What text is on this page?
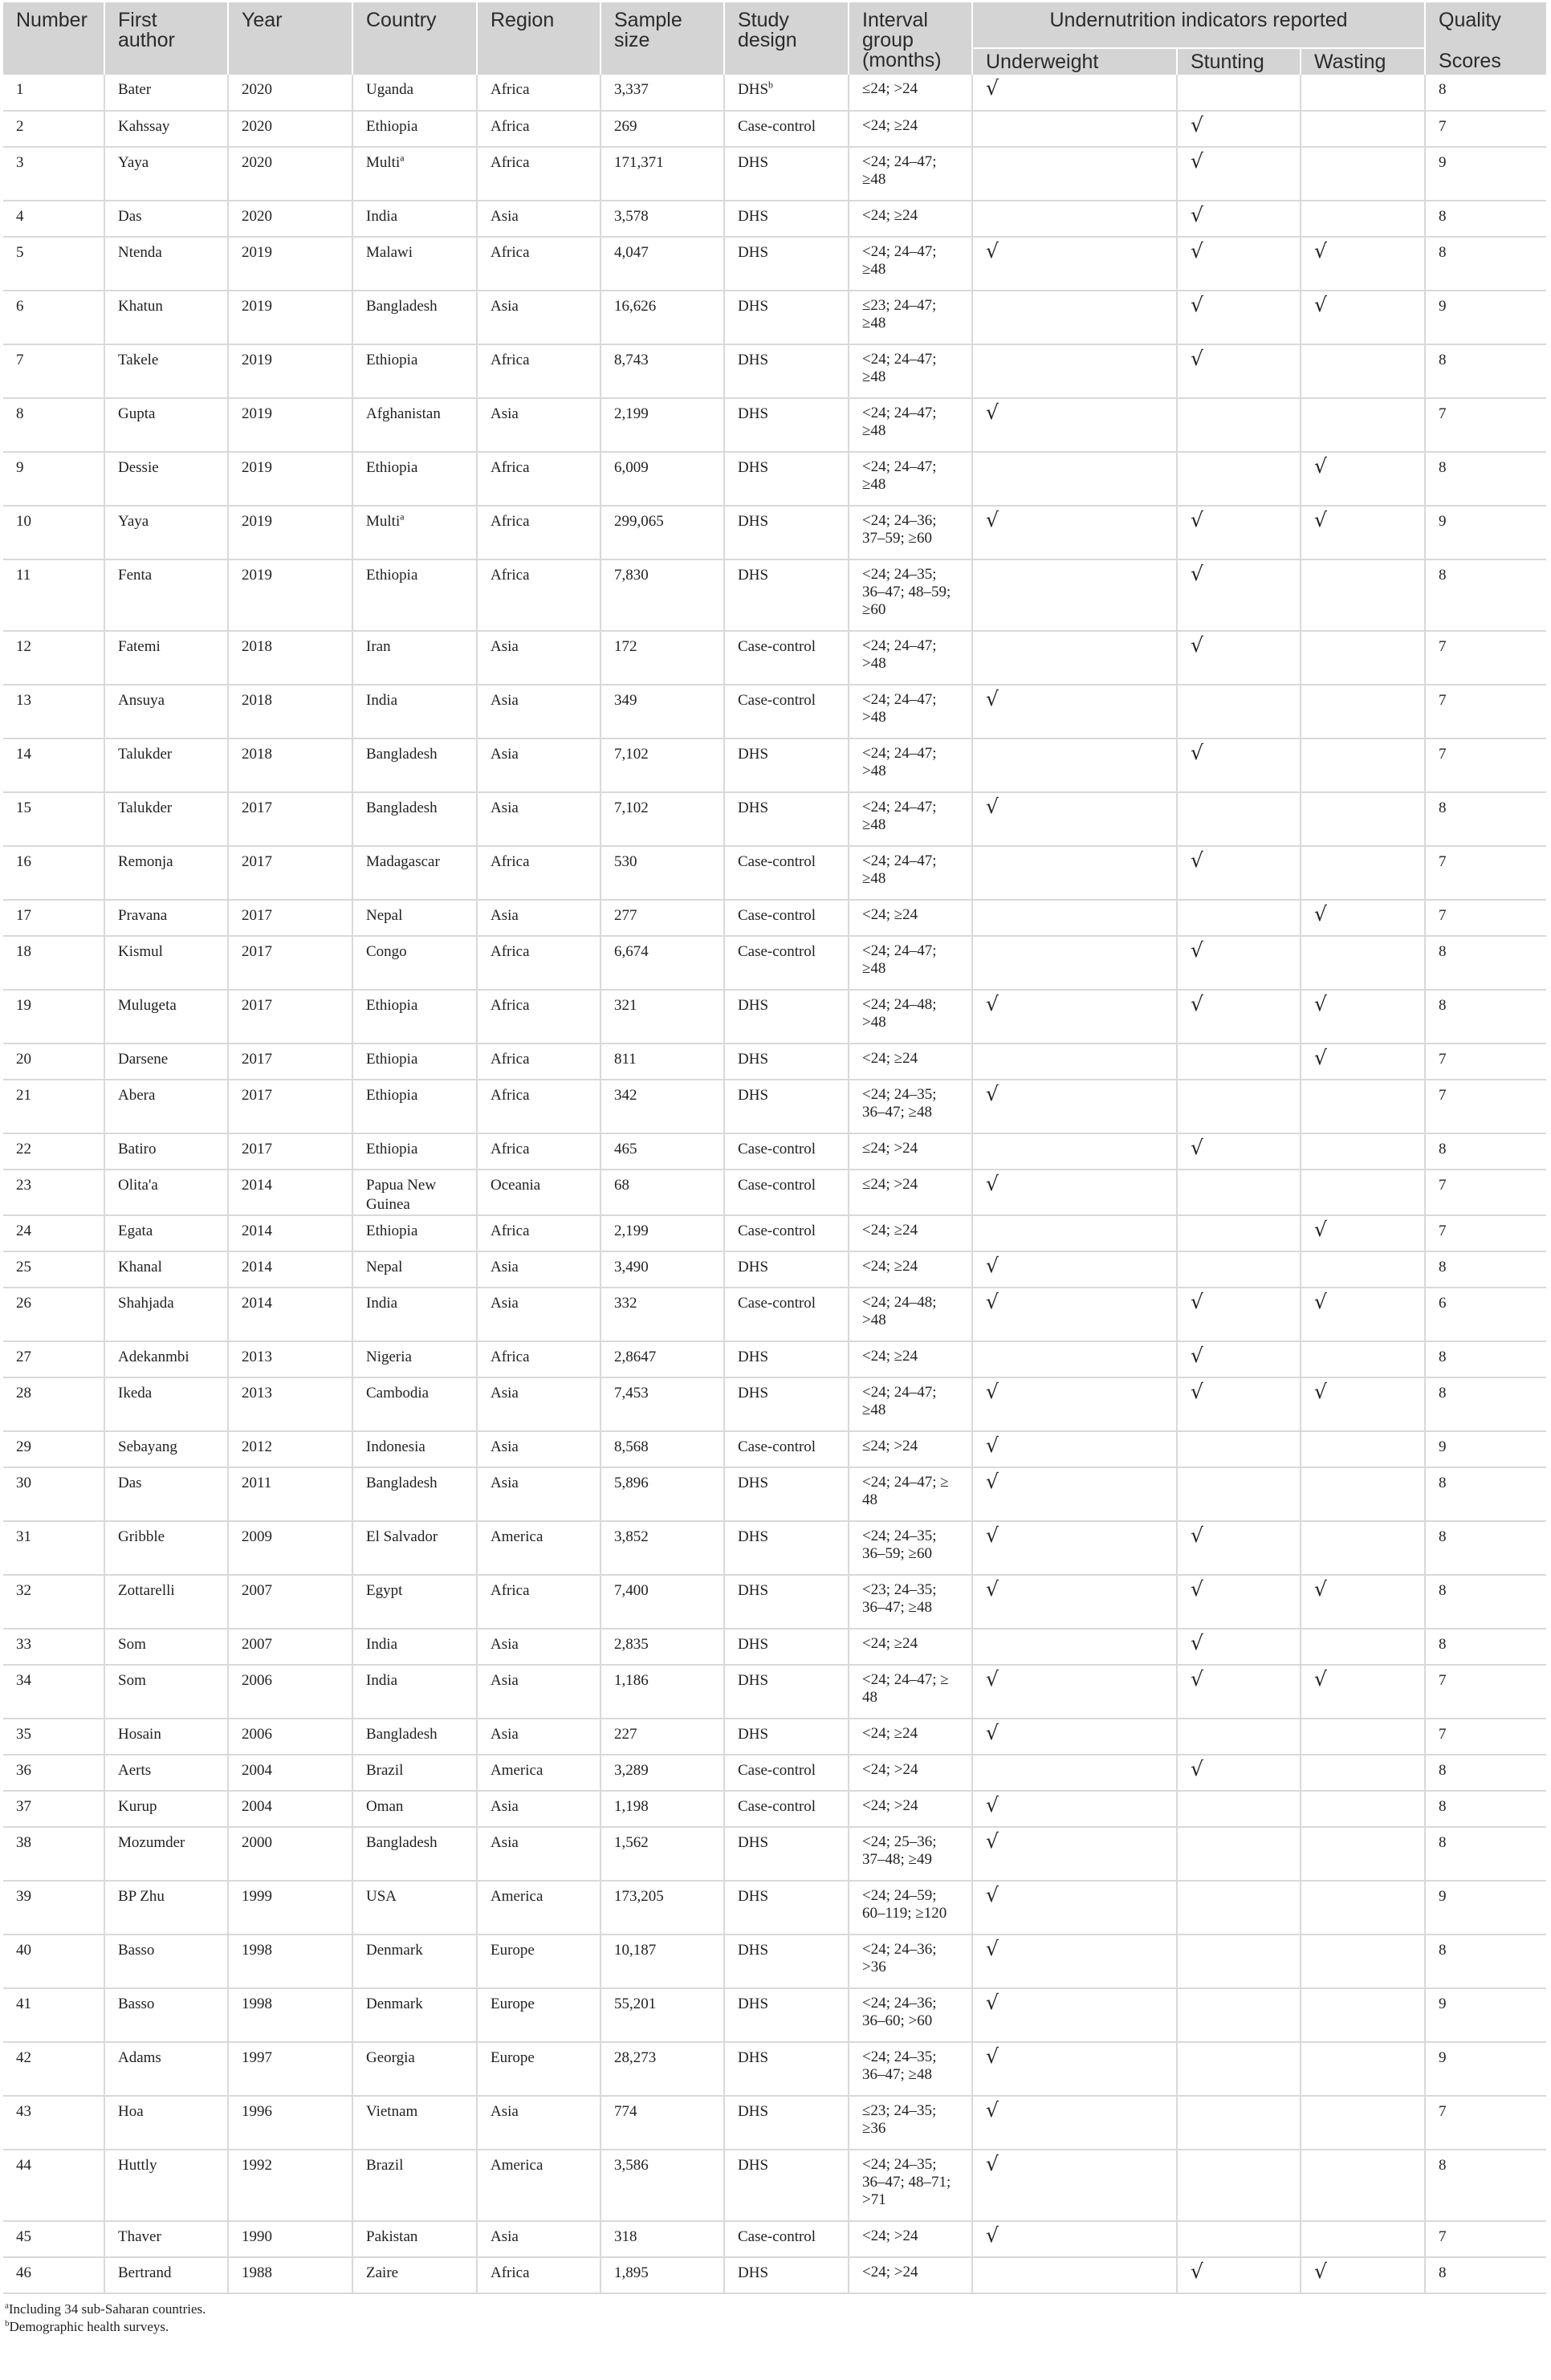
Number	First author	Year	Country	Region	Sample size	Study design	Interval group (months)	Undernutrition indicators reported			Quality
								Underweight	Stunting	Wasting	Scores
1	Bater	2020	Uganda	Africa	3,337	$DHS^b$	≤24; >24	√			8
2	Kahssay	2020	Ethiopia	Africa	269	Case-control	<24; ≥24		√		7
3	Yaya	2020	Multi$^a$	Africa	171,371	DHS	<24; 24–47;
≥48		√		9
4	Das	2020	India	Asia	3,578	DHS	<24; ≥24		√		8
5	Ntenda	2019	Malawi	Africa	4,047	DHS	<24; 24–47;
≥48	√	√	√	8
6	Khatun	2019	Bangladesh	Asia	16,626	DHS	≤23; 24–47;
≥48		√	√	9
7	Takele	2019	Ethiopia	Africa	8,743	DHS	<24; 24–47;
≥48		√		8
8	Gupta	2019	Afghanistan	Asia	2,199	DHS	<24; 24–47;
≥48	√			7
9	Dessie	2019	Ethiopia	Africa	6,009	DHS	<24; 24–47;
≥48			√	8
10	Yaya	2019	Multi$^a$	Africa	299,065	DHS	<24; 24–36;
37–59; ≥60	√	√	√	9
11	Fenta	2019	Ethiopia	Africa	7,830	DHS	<24; 24–35;
36–47; 48–59;
≥60		√		8
12	Fatemi	2018	Iran	Asia	172	Case-control	<24; 24–47;
>48		√		7
13	Ansuya	2018	India	Asia	349	Case-control	<24; 24–47;
>48	√			7
14	Talukder	2018	Bangladesh	Asia	7,102	DHS	<24; 24–47;
>48		√		7
15	Talukder	2017	Bangladesh	Asia	7,102	DHS	<24; 24–47;
≥48	√			8
16	Remonja	2017	Madagascar	Africa	530	Case-control	<24; 24–47;
≥48		√		7
17	Pravana	2017	Nepal	Asia	277	Case-control	<24; ≥24			√	7
18	Kismul	2017	Congo	Africa	6,674	Case-control	<24; 24–47;
≥48		√		8
19	Mulugeta	2017	Ethiopia	Africa	321	DHS	<24; 24–48;
>48	√	√	√	8
20	Darsene	2017	Ethiopia	Africa	811	DHS	<24; ≥24			√	7
21	Abera	2017	Ethiopia	Africa	342	DHS	<24; 24–35;
36–47; ≥48	√			7
22	Batiro	2017	Ethiopia	Africa	465	Case-control	≤24; >24		√		8
23	Olita'a	2014	Papua New Guinea	Oceania	68	Case-control	≤24; >24	√			7
24	Egata	2014	Ethiopia	Africa	2,199	Case-control	<24; ≥24			√	7
25	Khanal	2014	Nepal	Asia	3,490	DHS	<24; ≥24	√			8
26	Shahjada	2014	India	Asia	332	Case-control	<24; 24–48;
>48	√	√	√	6
27	Adekanmbi	2013	Nigeria	Africa	2,8647	DHS	<24; ≥24		√		8
28	Ikeda	2013	Cambodia	Asia	7,453	DHS	<24; 24–47;
≥48	√	√	√	8
29	Sebayang	2012	Indonesia	Asia	8,568	Case-control	≤24; >24	√			9
30	Das	2011	Bangladesh	Asia	5,896	DHS	<24; 24–47; ≥
48	√			8
31	Gribble	2009	El Salvador	America	3,852	DHS	<24; 24–35;
36–59; ≥60	√	√		8
32	Zottarelli	2007	Egypt	Africa	7,400	DHS	<23; 24–35;
36–47; ≥48	√	√	√	8
33	Som	2007	India	Asia	2,835	DHS	<24; ≥24		√		8
34	Som	2006	India	Asia	1,186	DHS	<24; 24–47; ≥
48	√	√	√	7
35	Hosain	2006	Bangladesh	Asia	227	DHS	<24; ≥24	√			7
36	Aerts	2004	Brazil	America	3,289	Case-control	<24; >24		√		8
37	Kurup	2004	Oman	Asia	1,198	Case-control	<24; >24	√			8
38	Mozumder	2000	Bangladesh	Asia	1,562	DHS	<24; 25–36;
37–48; ≥49	√			8
39	BP Zhu	1999	USA	America	173,205	DHS	<24; 24–59;
60–119; ≥120	√			9
40	Basso	1998	Denmark	Europe	10,187	DHS	<24; 24–36;
>36	√			8
41	Basso	1998	Denmark	Europe	55,201	DHS	<24; 24–36;
36–60; >60	√			9
42	Adams	1997	Georgia	Europe	28,273	DHS	<24; 24–35;
36–47; ≥48	√			9
43	Hoa	1996	Vietnam	Asia	774	DHS	≤23; 24–35;
≥36	√			7
44	Huttly	1992	Brazil	America	3,586	DHS	<24; 24–35;
36–47; 48–71;
>71	√			8
45	Thaver	1990	Pakistan	Asia	318	Case-control	<24; >24	√			7
46	Bertrand	1988	Zaire	Africa	1,895	DHS	<24; >24		√	√	8
$^a$Including 34 sub-Saharan countries.
$^b$Demographic health surveys.
